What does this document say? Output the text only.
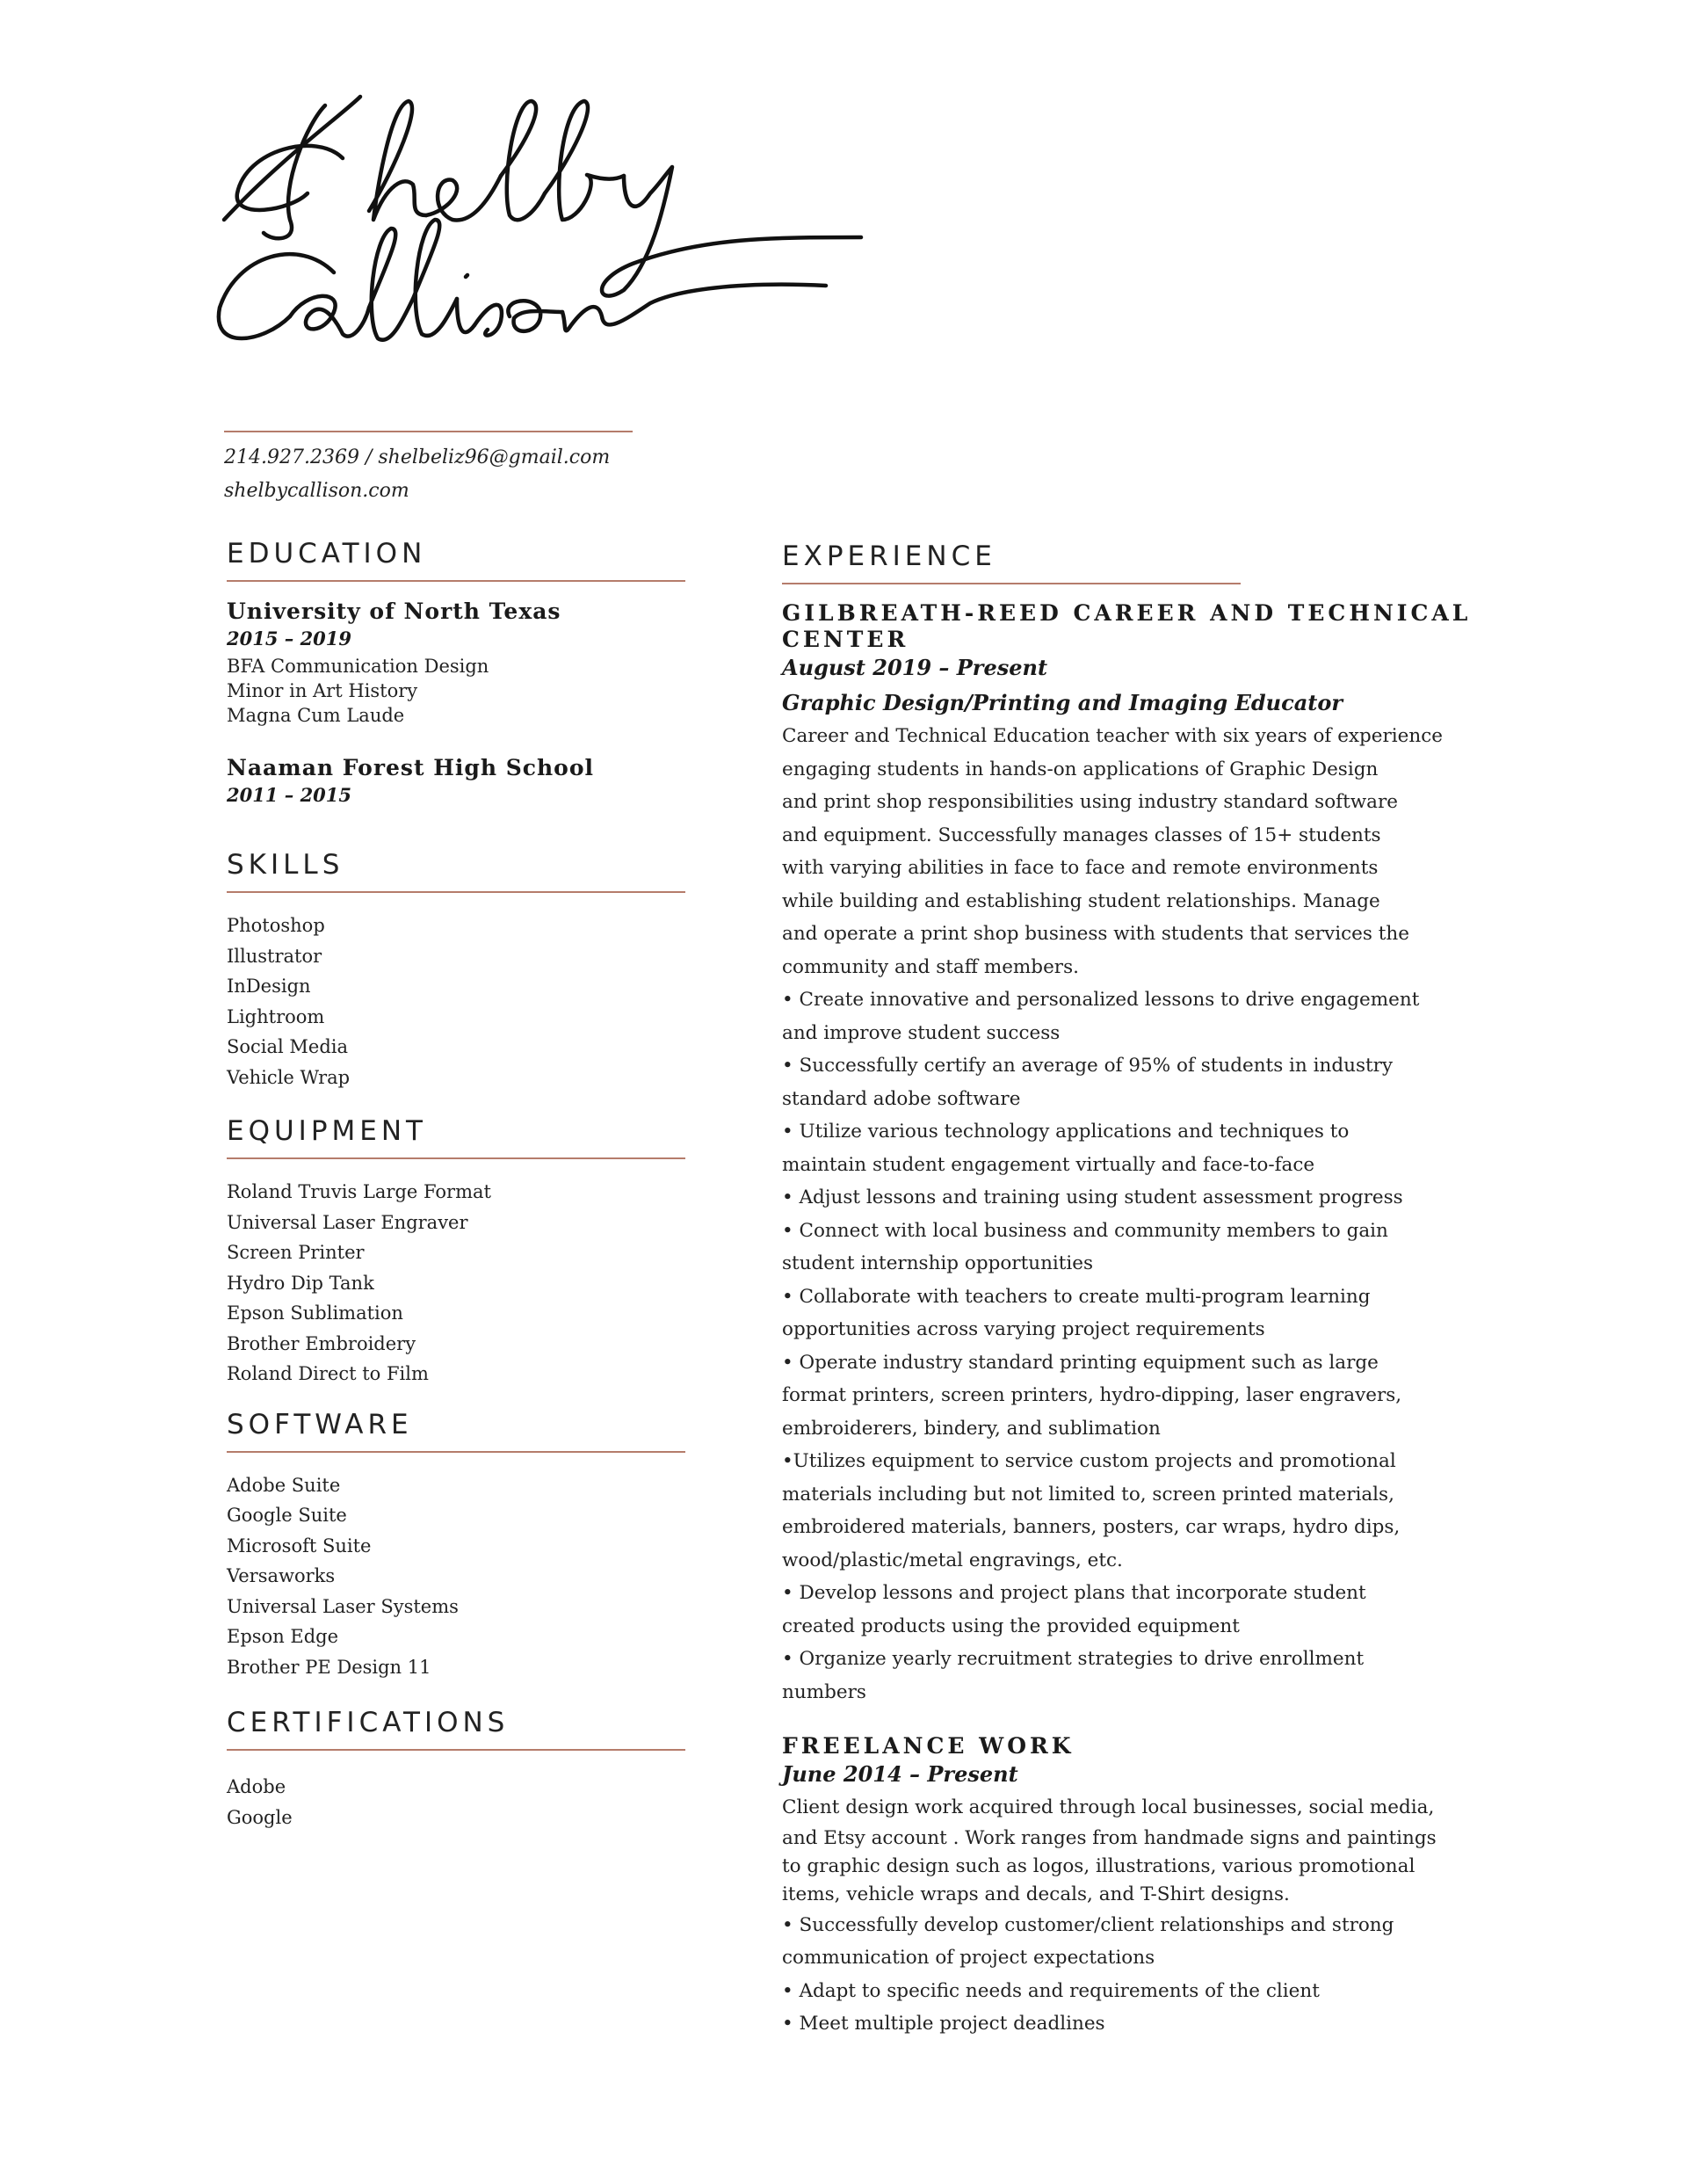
214.927.2369 / shelbeliz96@gmail.com
shelbycallison.com
EDUCATION

University of North Texas

2015 – 2019

BFA Communication Design

Minor in Art History

Magna Cum Laude

Naaman Forest High School

2011 – 2015

SKILLS
Photoshop
Illustrator
InDesign
Lightroom
Social Media
Vehicle Wrap
EQUIPMENT
Roland Truvis Large Format
Universal Laser Engraver
Screen Printer
Hydro Dip Tank
Epson Sublimation
Brother Embroidery
Roland Direct to Film
SOFTWARE
Adobe Suite
Google Suite
Microsoft Suite
Versaworks
Universal Laser Systems
Epson Edge
Brother PE Design 11
CERTIFICATIONS
Adobe
Google
EXPERIENCE

GILBREATH-REED CAREER AND TECHNICAL

CENTER

August 2019 – Present

Graphic Design/Printing and Imaging Educator

Career and Technical Education teacher with six years of experience

engaging students in hands-on applications of Graphic Design

and print shop responsibilities using industry standard software

and equipment. Successfully manages classes of 15+ students

with varying abilities in face to face and remote environments

while building and establishing student relationships. Manage

and operate a print shop business with students that services the

community and staff members.

• Create innovative and personalized lessons to drive engagement

and improve student success

• Successfully certify an average of 95% of students in industry

standard adobe software

• Utilize various technology applications and techniques to

maintain student engagement virtually and face-to-face

• Adjust lessons and training using student assessment progress

• Connect with local business and community members to gain

student internship opportunities

• Collaborate with teachers to create multi-program learning

opportunities across varying project requirements

• Operate industry standard printing equipment such as large

format printers, screen printers, hydro-dipping, laser engravers,

embroiderers, bindery, and sublimation

•Utilizes equipment to service custom projects and promotional

materials including but not limited to, screen printed materials,

embroidered materials, banners, posters, car wraps, hydro dips,

wood/plastic/metal engravings, etc.

• Develop lessons and project plans that incorporate student

created products using the provided equipment

• Organize yearly recruitment strategies to drive enrollment

numbers

FREELANCE WORK

June 2014 – Present

Client design work acquired through local businesses, social media,

and Etsy account . Work ranges from handmade signs and paintings

to graphic design such as logos, illustrations, various promotional

items, vehicle wraps and decals, and T-Shirt designs.

• Successfully develop customer/client relationships and strong

communication of project expectations

• Adapt to specific needs and requirements of the client

• Meet multiple project deadlines
